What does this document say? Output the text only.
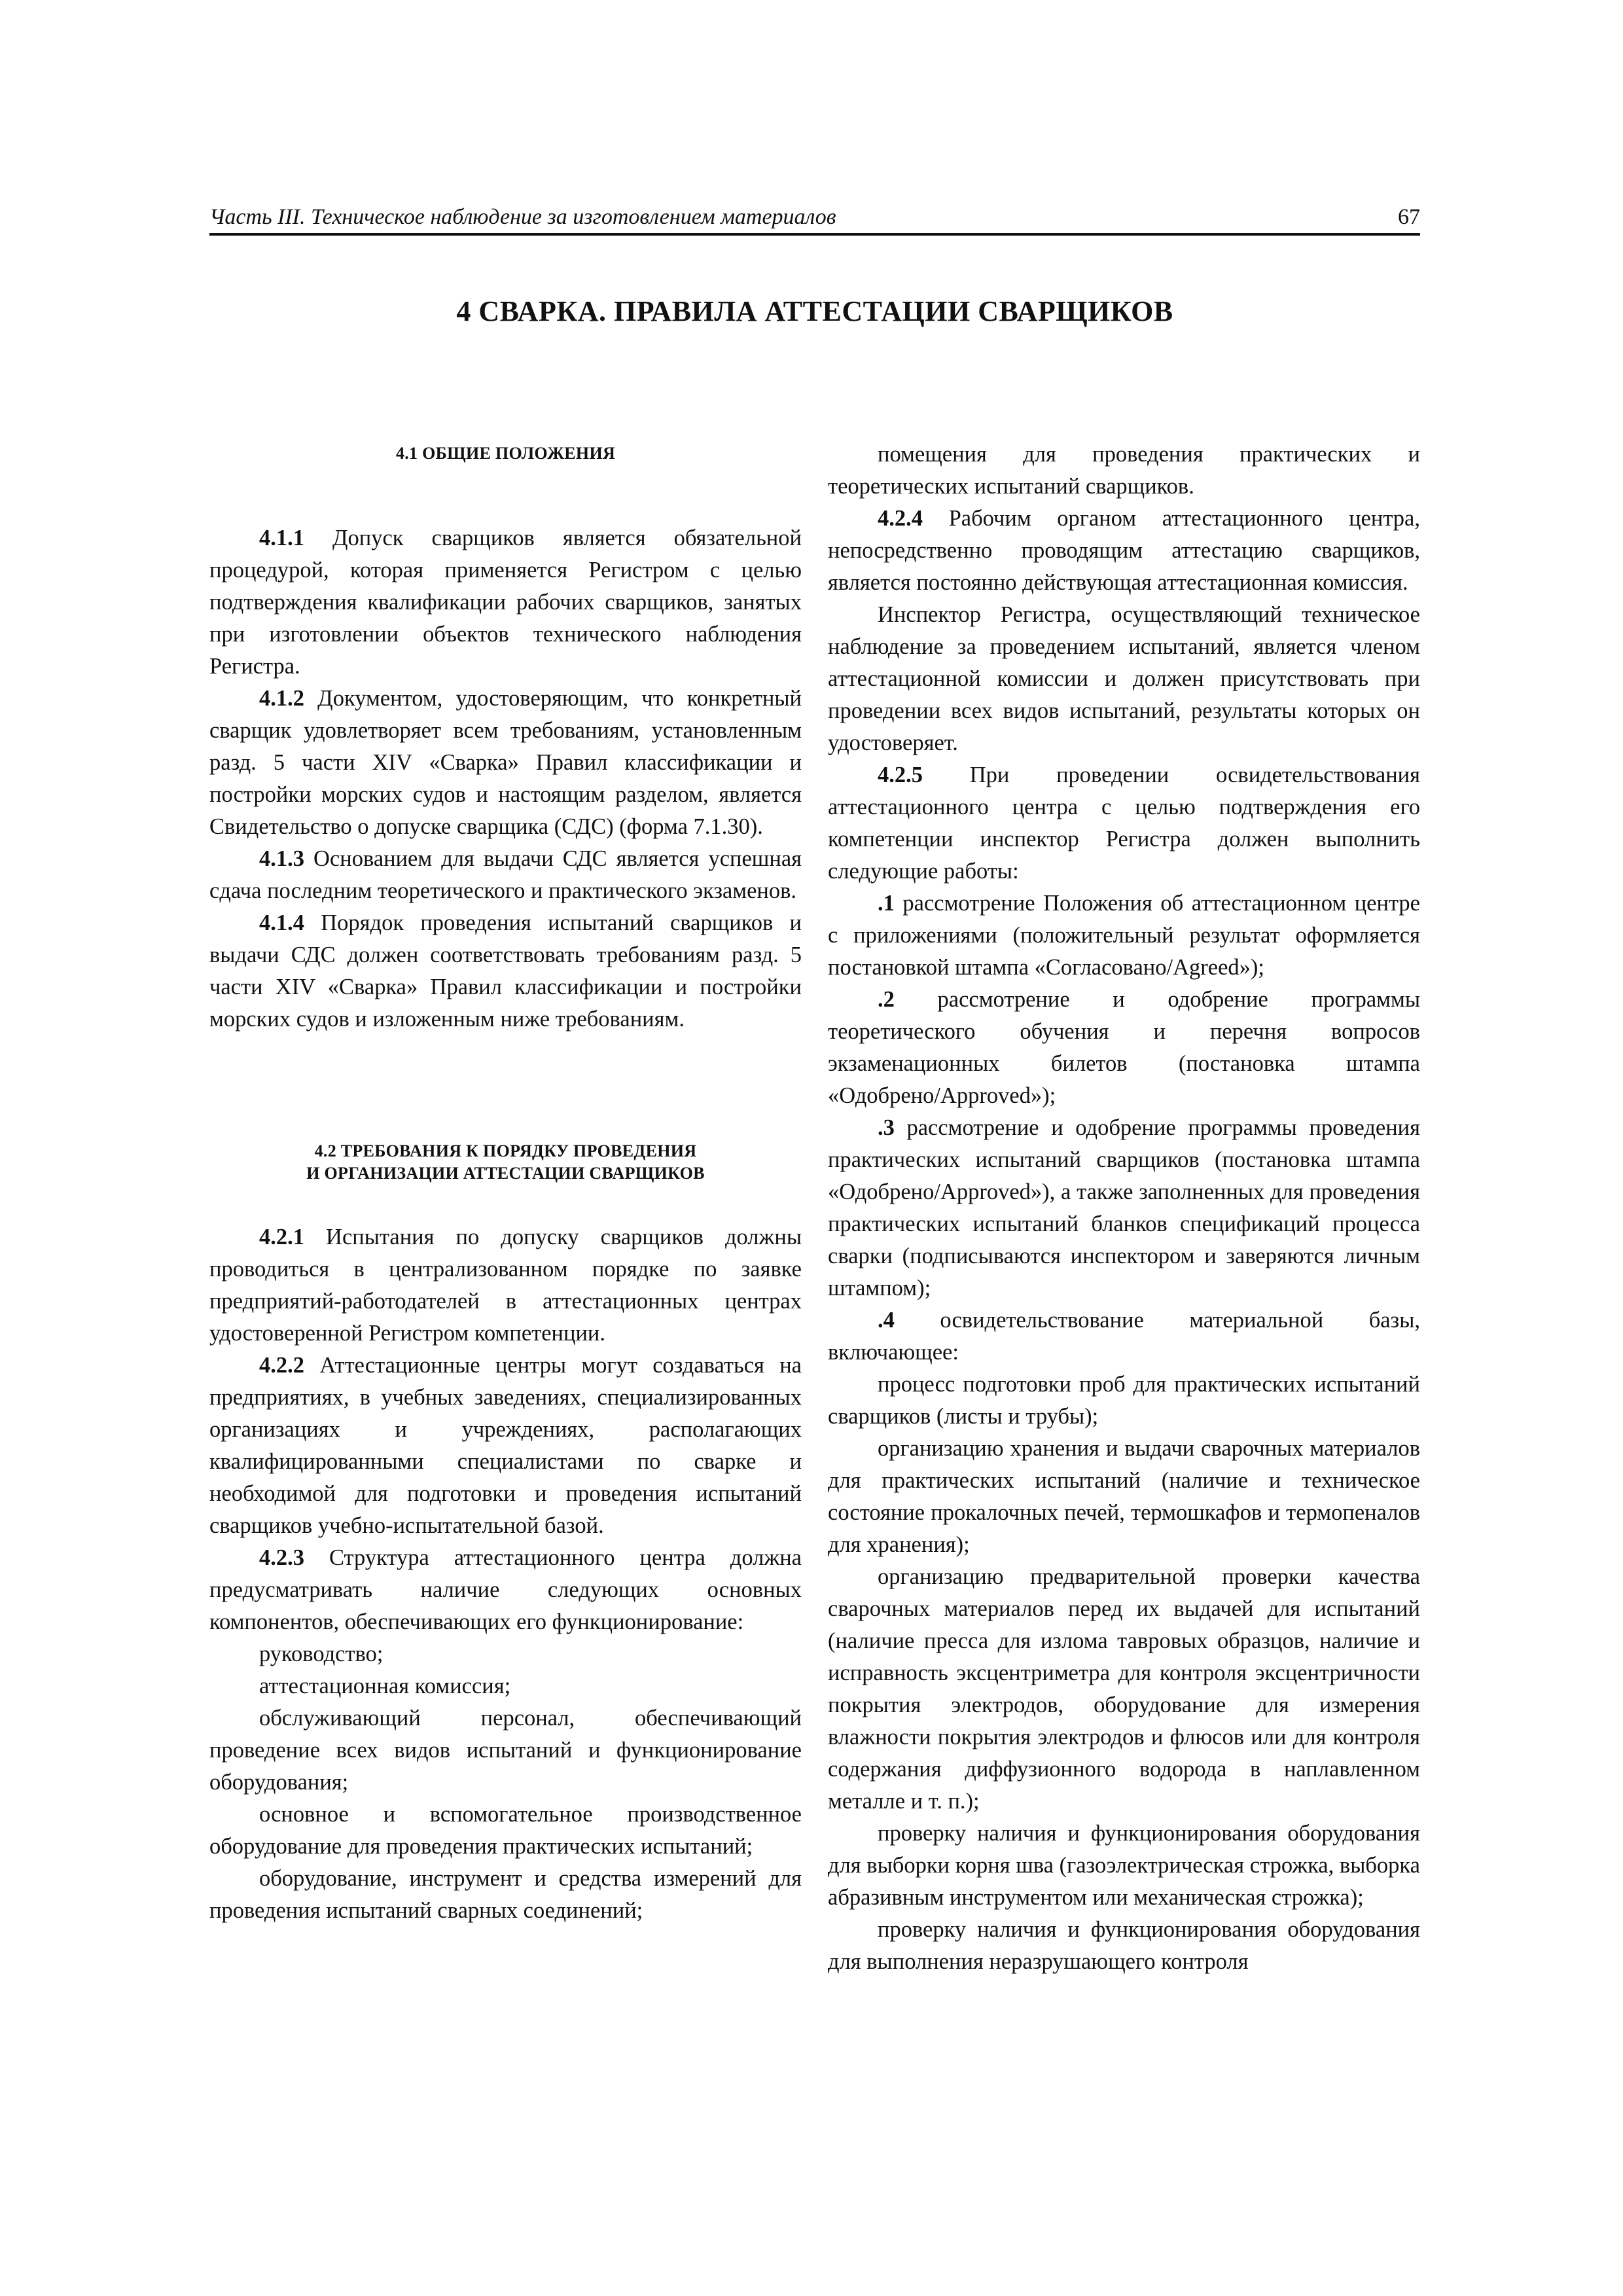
Часть III. Техническое наблюдение за изготовлением материалов	67
4 СВАРКА. ПРАВИЛА АТТЕСТАЦИИ СВАРЩИКОВ
4.1 ОБЩИЕ ПОЛОЖЕНИЯ

4.1.1 Допуск сварщиков является обязательной процедурой, которая применяется Регистром с целью подтверждения квалификации рабочих сварщиков, занятых при изготовлении объектов технического наблюдения Регистра.

4.1.2 Документом, удостоверяющим, что конкретный сварщик удовлетворяет всем требованиям, установленным разд. 5 части XIV «Сварка» Правил классификации и постройки морских судов и настоящим разделом, является Свидетельство о допуске сварщика (СДС) (форма 7.1.30).

4.1.3 Основанием для выдачи СДС является успешная сдача последним теоретического и практического экзаменов.

4.1.4 Порядок проведения испытаний сварщиков и выдачи СДС должен соответствовать требованиям разд. 5 части XIV «Сварка» Правил классификации и постройки морских судов и изложенным ниже требованиям.

4.2 ТРЕБОВАНИЯ К ПОРЯДКУ ПРОВЕДЕНИЯ
И ОРГАНИЗАЦИИ АТТЕСТАЦИИ СВАРЩИКОВ

4.2.1 Испытания по допуску сварщиков должны проводиться в централизованном порядке по заявке предприятий-работодателей в аттестационных центрах удостоверенной Регистром компетенции.

4.2.2 Аттестационные центры могут создаваться на предприятиях, в учебных заведениях, специализированных организациях и учреждениях, располагающих квалифицированными специалистами по сварке и необходимой для подготовки и проведения испытаний сварщиков учебно-испытательной базой.

4.2.3 Структура аттестационного центра должна предусматривать наличие следующих основных компонентов, обеспечивающих его функционирование:

руководство;

аттестационная комиссия;

обслуживающий персонал, обеспечивающий проведение всех видов испытаний и функционирование оборудования;

основное и вспомогательное производственное оборудование для проведения практических испытаний;

оборудование, инструмент и средства измерений для проведения испытаний сварных соединений;

помещения для проведения практических и теоретических испытаний сварщиков.

4.2.4 Рабочим органом аттестационного центра, непосредственно проводящим аттестацию сварщиков, является постоянно действующая аттестационная комиссия.

Инспектор Регистра, осуществляющий техническое наблюдение за проведением испытаний, является членом аттестационной комиссии и должен присутствовать при проведении всех видов испытаний, результаты которых он удостоверяет.

4.2.5 При проведении освидетельствования аттестационного центра с целью подтверждения его компетенции инспектор Регистра должен выполнить следующие работы:

.1 рассмотрение Положения об аттестационном центре с приложениями (положительный результат оформляется постановкой штампа «Согласовано/Agreed»);

.2 рассмотрение и одобрение программы теоретического обучения и перечня вопросов экзаменационных билетов (постановка штампа «Одобрено/Approved»);

.3 рассмотрение и одобрение программы проведения практических испытаний сварщиков (постановка штампа «Одобрено/Approved»), а также заполненных для проведения практических испытаний бланков спецификаций процесса сварки (подписываются инспектором и заверяются личным штампом);

.4 освидетельствование материальной базы, включающее:

процесс подготовки проб для практических испытаний сварщиков (листы и трубы);

организацию хранения и выдачи сварочных материалов для практических испытаний (наличие и техническое состояние прокалочных печей, термошкафов и термопеналов для хранения);

организацию предварительной проверки качества сварочных материалов перед их выдачей для испытаний (наличие пресса для излома тавровых образцов, наличие и исправность эксцентриметра для контроля эксцентричности покрытия электродов, оборудование для измерения влажности покрытия электродов и флюсов или для контроля содержания диффузионного водорода в наплавленном металле и т. п.);

проверку наличия и функционирования оборудования для выборки корня шва (газоэлектрическая строжка, выборка абразивным инструментом или механическая строжка);

проверку наличия и функционирования оборудования для выполнения неразрушающего контроля
